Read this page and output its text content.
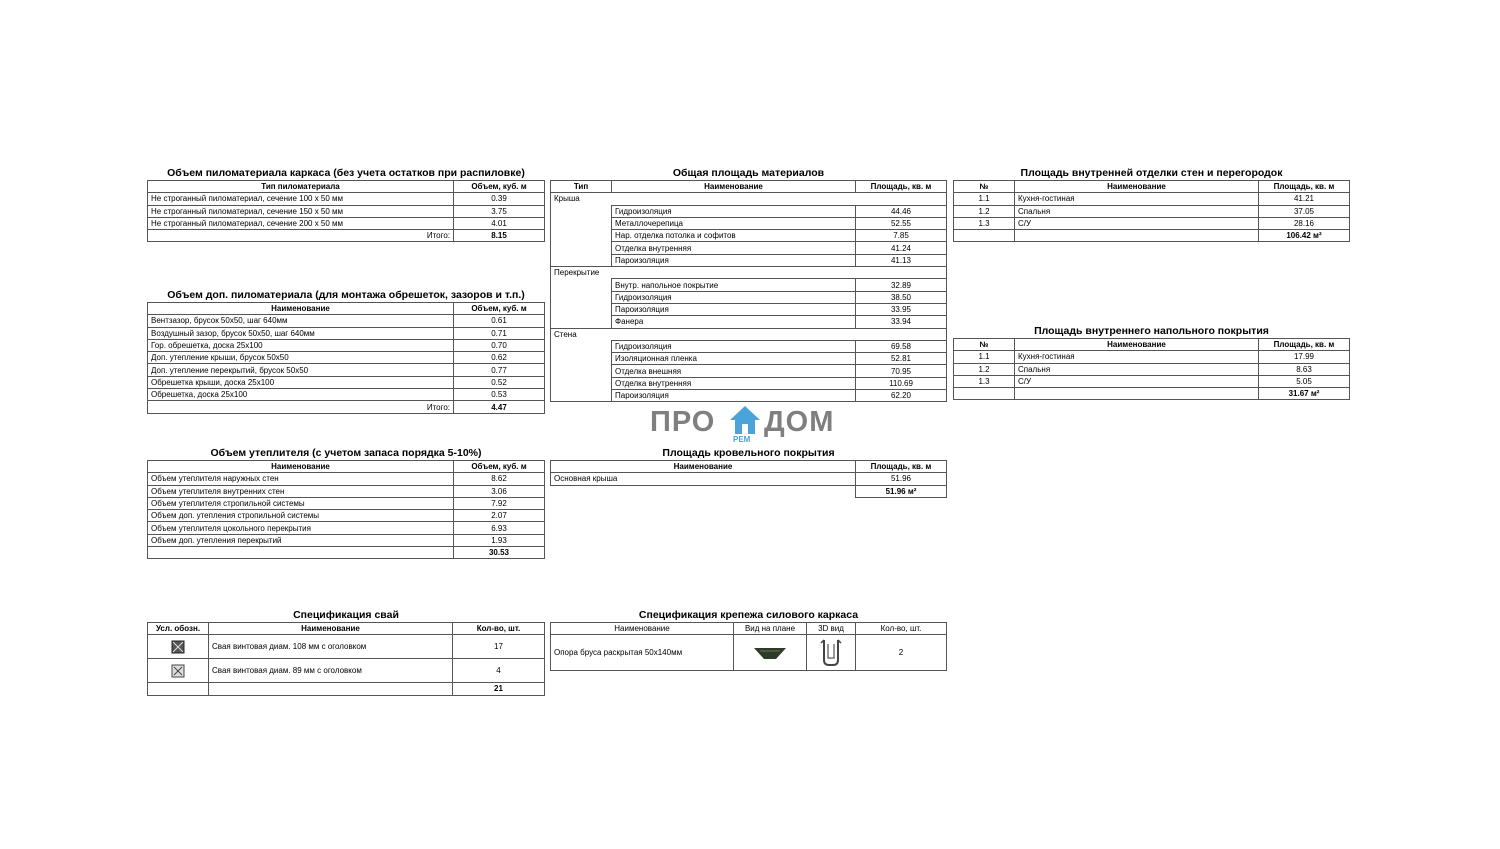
Объем пиломатериала каркаса (без учета остатков при распиловке)
Тип пиломатериала	Объем, куб. м
Не строганный пиломатериал, сечение 100 х 50 мм	0.39
Не строганный пиломатериал, сечение 150 х 50 мм	3.75
Не строганный пиломатериал, сечение 200 х 50 мм	4.01
Итого:	8.15
Объем доп. пиломатериала (для монтажа обрешеток, зазоров и т.п.)
Наименование	Объем, куб. м
Вентзазор, брусок 50х50, шаг 640мм	0.61
Воздушный зазор, брусок 50х50, шаг 640мм	0.71
Гор. обрешетка, доска 25х100	0.70
Доп. утепление крыши, брусок 50х50	0.62
Доп. утепление перекрытий, брусок 50х50	0.77
Обрешетка крыши, доска 25х100	0.52
Обрешетка, доска 25х100	0.53
Итого:	4.47
Объем утеплителя (с учетом запаса порядка 5-10%)
Наименование	Объем, куб. м
Объем утеплителя наружных стен	8.62
Объем утеплителя внутренних стен	3.06
Объем утеплителя стропильной системы	7.92
Объем доп. утепления стропильной системы	2.07
Объем утеплителя цокольного перекрытия	6.93
Объем доп. утепления перекрытий	1.93
	30.53
Общая площадь материалов
Тип	Наименование	Площадь, кв. м
Крыша		
	Гидроизоляция	44.46
	Металлочерепица	52.55
	Нар. отделка потолка и софитов	7.85
	Отделка внутренняя	41.24
	Пароизоляция	41.13
Перекрытие		
	Внутр. напольное покрытие	32.89
	Гидроизоляция	38.50
	Пароизоляция	33.95
	Фанера	33.94
Стена		
	Гидроизоляция	69.58
	Изоляционная пленка	52.81
	Отделка внешняя	70.95
	Отделка внутренняя	110.69
	Пароизоляция	62.20
ПРО
РЕМ
ДОМ
Площадь кровельного покрытия
Наименование	Площадь, кв. м
Основная крыша	51.96
	51.96 м²
Площадь внутренней отделки стен и перегородок
№	Наименование	Площадь, кв. м
1.1	Кухня-гостиная	41.21
1.2	Спальня	37.05
1.3	С/У	28.16
		106.42 м²
Площадь внутреннего напольного покрытия
№	Наименование	Площадь, кв. м
1.1	Кухня-гостиная	17.99
1.2	Спальня	8.63
1.3	С/У	5.05
		31.67 м²
Спецификация свай
Усл. обозн.	Наименование	Кол-во, шт.
	Свая винтовая диам. 108 мм с оголовком	17
	Свая винтовая диам. 89 мм с оголовком	4
		21
Спецификация крепежа силового каркаса
Наименование	Вид на плане	3D вид	Кол-во, шт.
Опора бруса раскрытая 50х140мм			2
